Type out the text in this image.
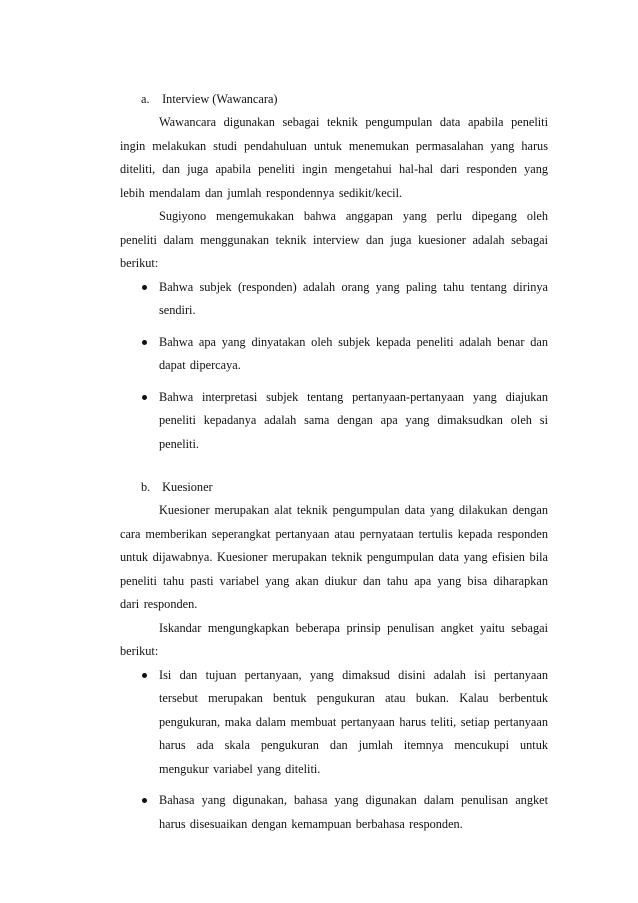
a. Interview (Wawancara)

Wawancara digunakan sebagai teknik pengumpulan data apabila peneliti ingin melakukan studi pendahuluan untuk menemukan permasalahan yang harus diteliti, dan juga apabila peneliti ingin mengetahui hal-hal dari responden yang lebih mendalam dan jumlah respondennya sedikit/kecil.

Sugiyono mengemukakan bahwa anggapan yang perlu dipegang oleh peneliti dalam menggunakan teknik interview dan juga kuesioner adalah sebagai berikut:

Bahwa subjek (responden) adalah orang yang paling tahu tentang dirinya sendiri.
Bahwa apa yang dinyatakan oleh subjek kepada peneliti adalah benar dan dapat dipercaya.
Bahwa interpretasi subjek tentang pertanyaan-pertanyaan yang diajukan peneliti kepadanya adalah sama dengan apa yang dimaksudkan oleh si peneliti.
b. Kuesioner

Kuesioner merupakan alat teknik pengumpulan data yang dilakukan dengan cara memberikan seperangkat pertanyaan atau pernyataan tertulis kepada responden untuk dijawabnya. Kuesioner merupakan teknik pengumpulan data yang efisien bila peneliti tahu pasti variabel yang akan diukur dan tahu apa yang bisa diharapkan dari responden.

Iskandar mengungkapkan beberapa prinsip penulisan angket yaitu sebagai berikut:

Isi dan tujuan pertanyaan, yang dimaksud disini adalah isi pertanyaan tersebut merupakan bentuk pengukuran atau bukan. Kalau berbentuk pengukuran, maka dalam membuat pertanyaan harus teliti, setiap pertanyaan harus ada skala pengukuran dan jumlah itemnya mencukupi untuk mengukur variabel yang diteliti.
Bahasa yang digunakan, bahasa yang digunakan dalam penulisan angket harus disesuaikan dengan kemampuan berbahasa responden.
